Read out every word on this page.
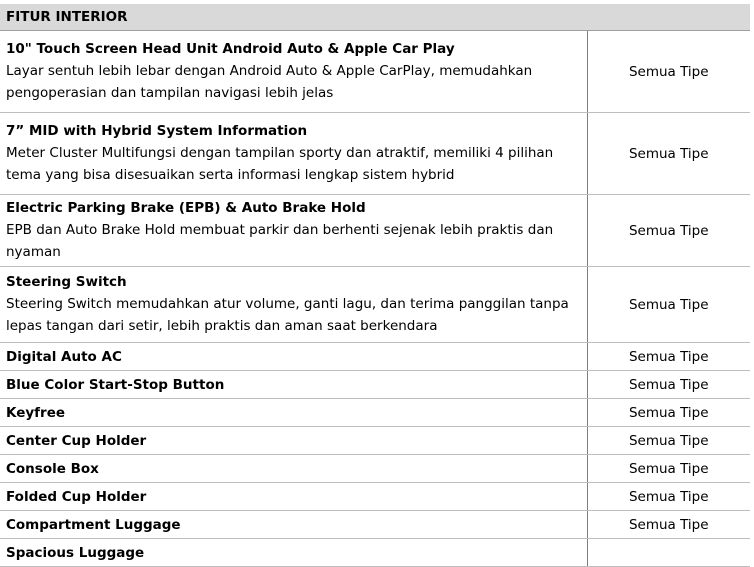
FITUR INTERIOR	

10" Touch Screen Head Unit Android Auto & Apple Car Play
Layar sentuh lebih lebar dengan Android Auto & Apple CarPlay, memudahkan pengoperasian dan tampilan navigasi lebih jelas	Semua Tipe

7” MID with Hybrid System Information
Meter Cluster Multifungsi dengan tampilan sporty dan atraktif, memiliki 4 pilihan tema yang bisa disesuaikan serta informasi lengkap sistem hybrid	Semua Tipe

Electric Parking Brake (EPB) & Auto Brake Hold
EPB dan Auto Brake Hold membuat parkir dan berhenti sejenak lebih praktis dan nyaman	Semua Tipe

Steering Switch
Steering Switch memudahkan atur volume, ganti lagu, dan terima panggilan tanpa lepas tangan dari setir, lebih praktis dan aman saat berkendara	Semua Tipe

Digital Auto AC	Semua Tipe

Blue Color Start-Stop Button	Semua Tipe

Keyfree	Semua Tipe

Center Cup Holder	Semua Tipe

Console Box	Semua Tipe

Folded Cup Holder	Semua Tipe

Compartment Luggage	Semua Tipe

Spacious Luggage	
